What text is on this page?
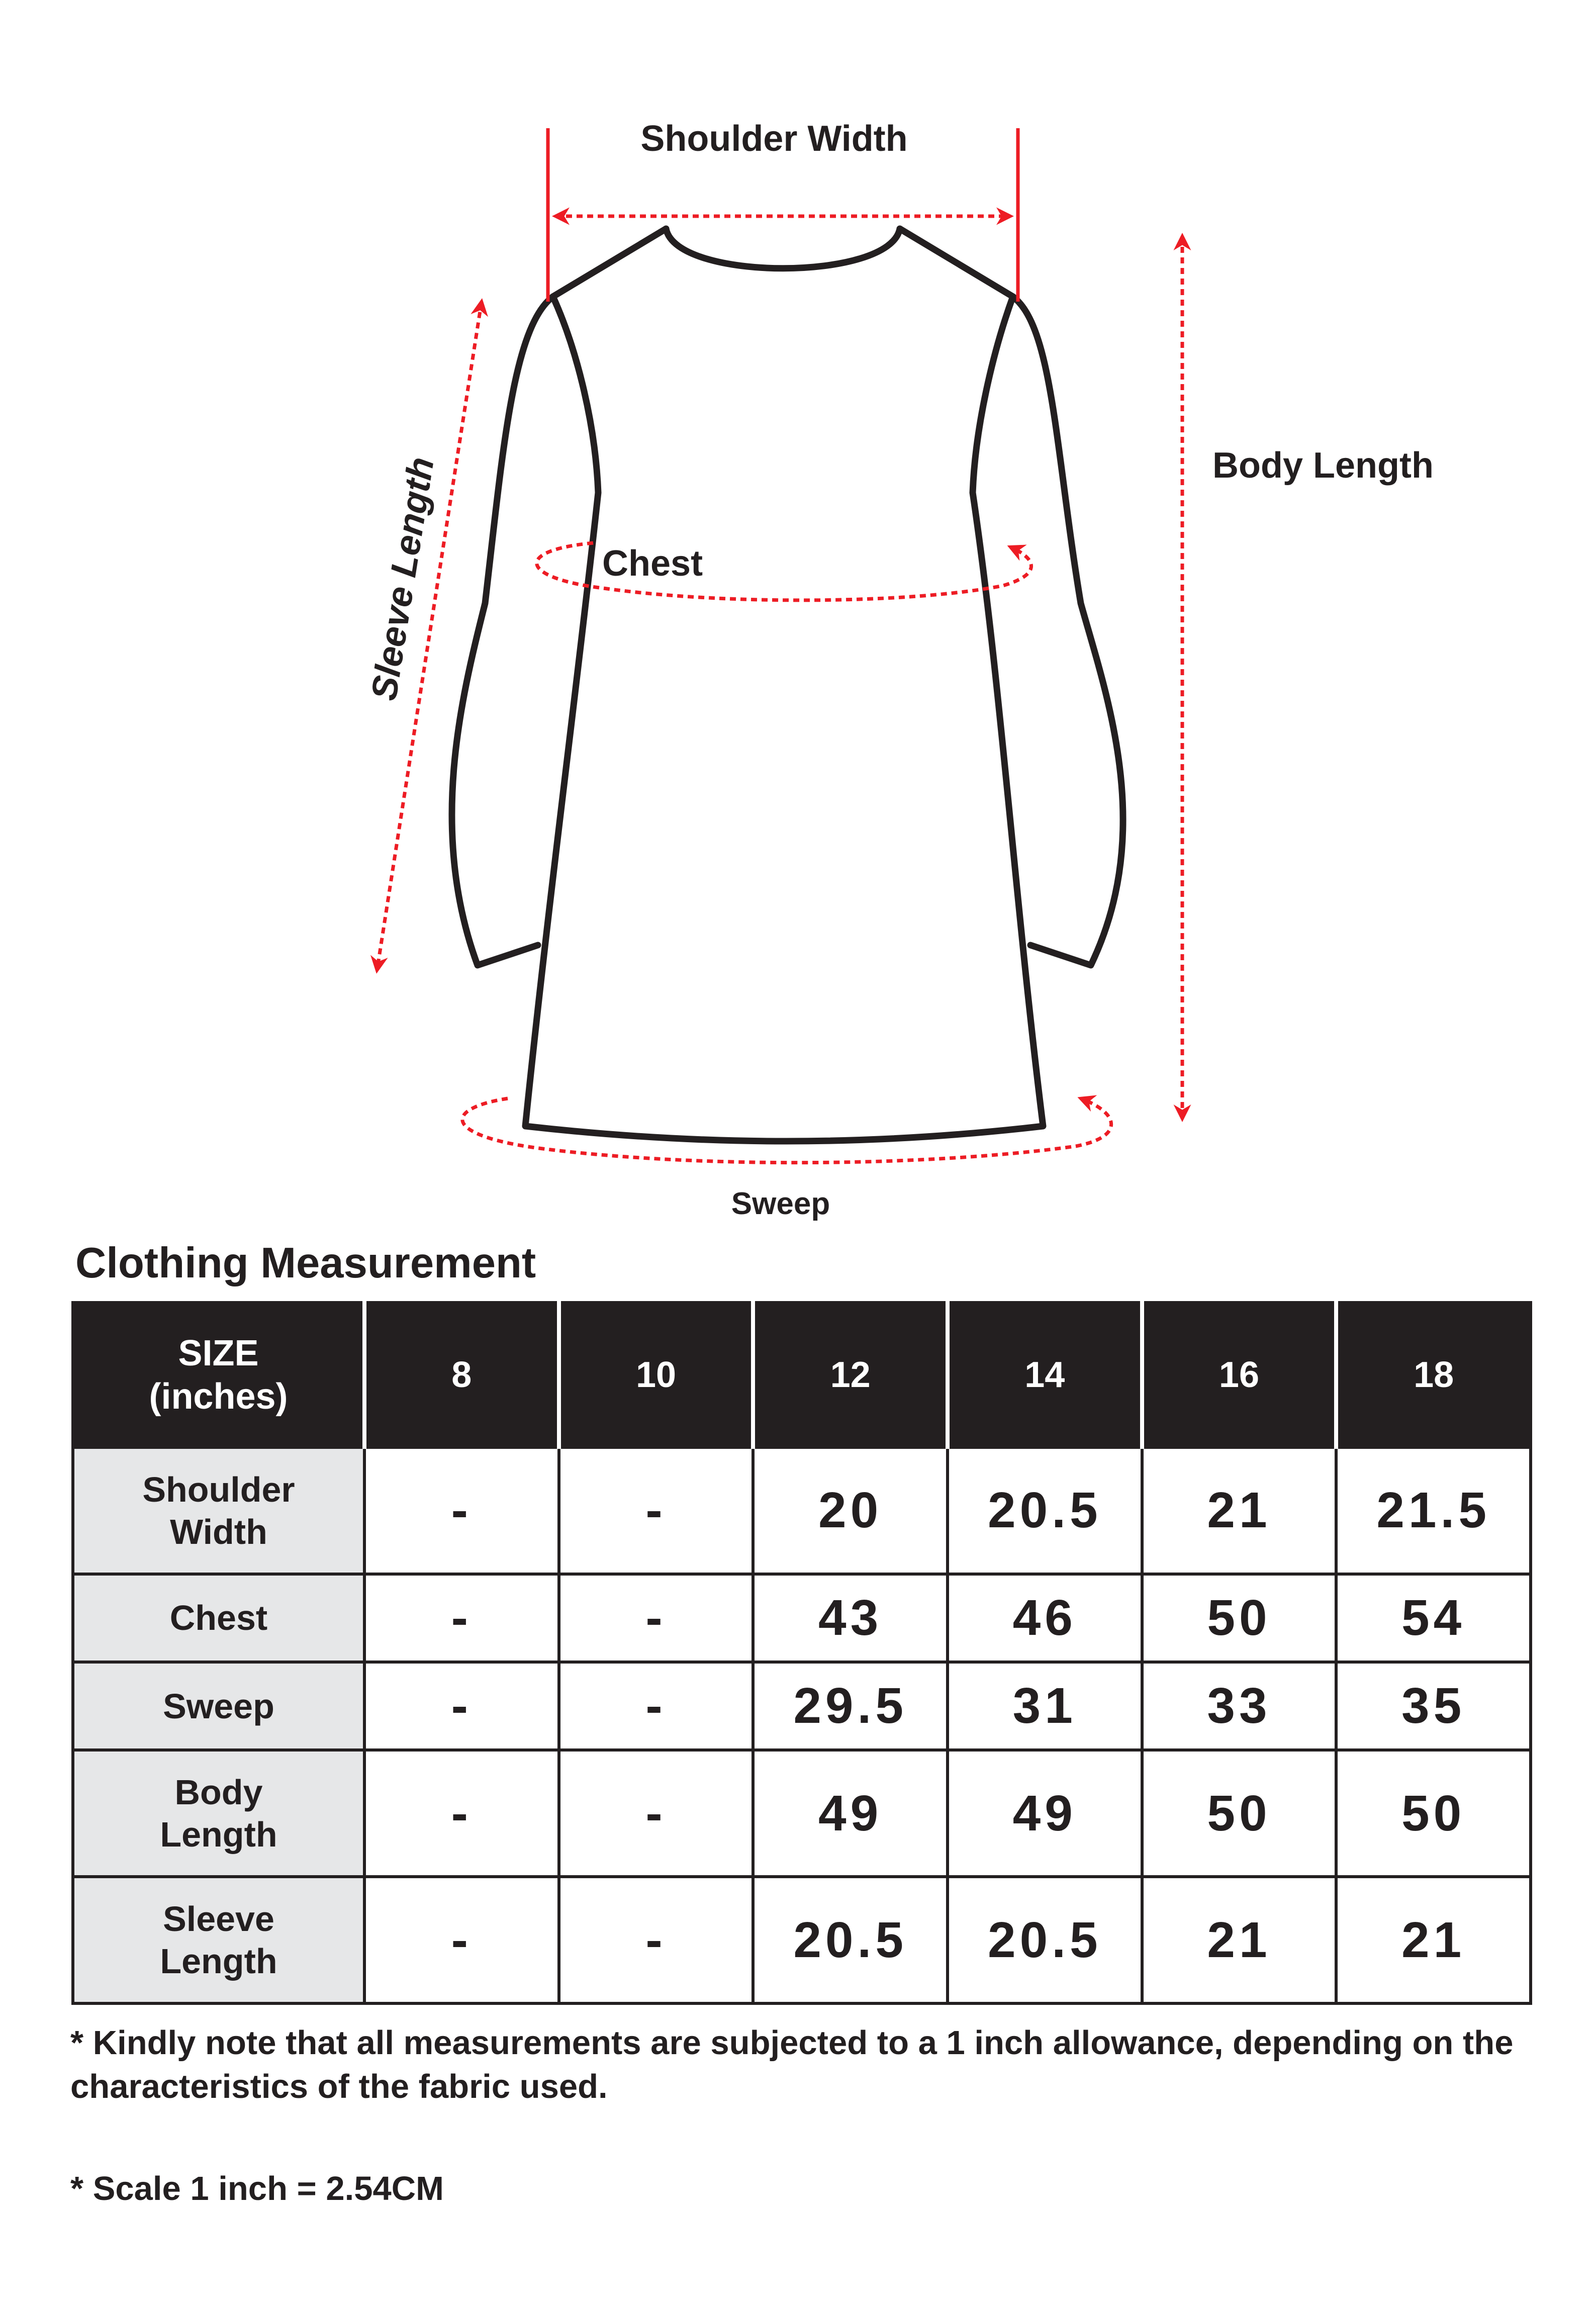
Shoulder Width
Sleeve Length	Body Length
Chest
Sweep
Clothing Measurement
SIZE
(inches)	8	10	12	14	16	18
Shoulder
Width	-	-	20	20.5	21	21.5
Chest	-	-	43	46	50	54
Sweep	-	-	29.5	31	33	35
Body
Length	-	-	49	49	50	50
Sleeve
Length	-	-	20.5	20.5	21	21

* Kindly note that all measurements are subjected to a 1 inch allowance, depending on the characteristics of the fabric used.

* Scale 1 inch = 2.54CM
